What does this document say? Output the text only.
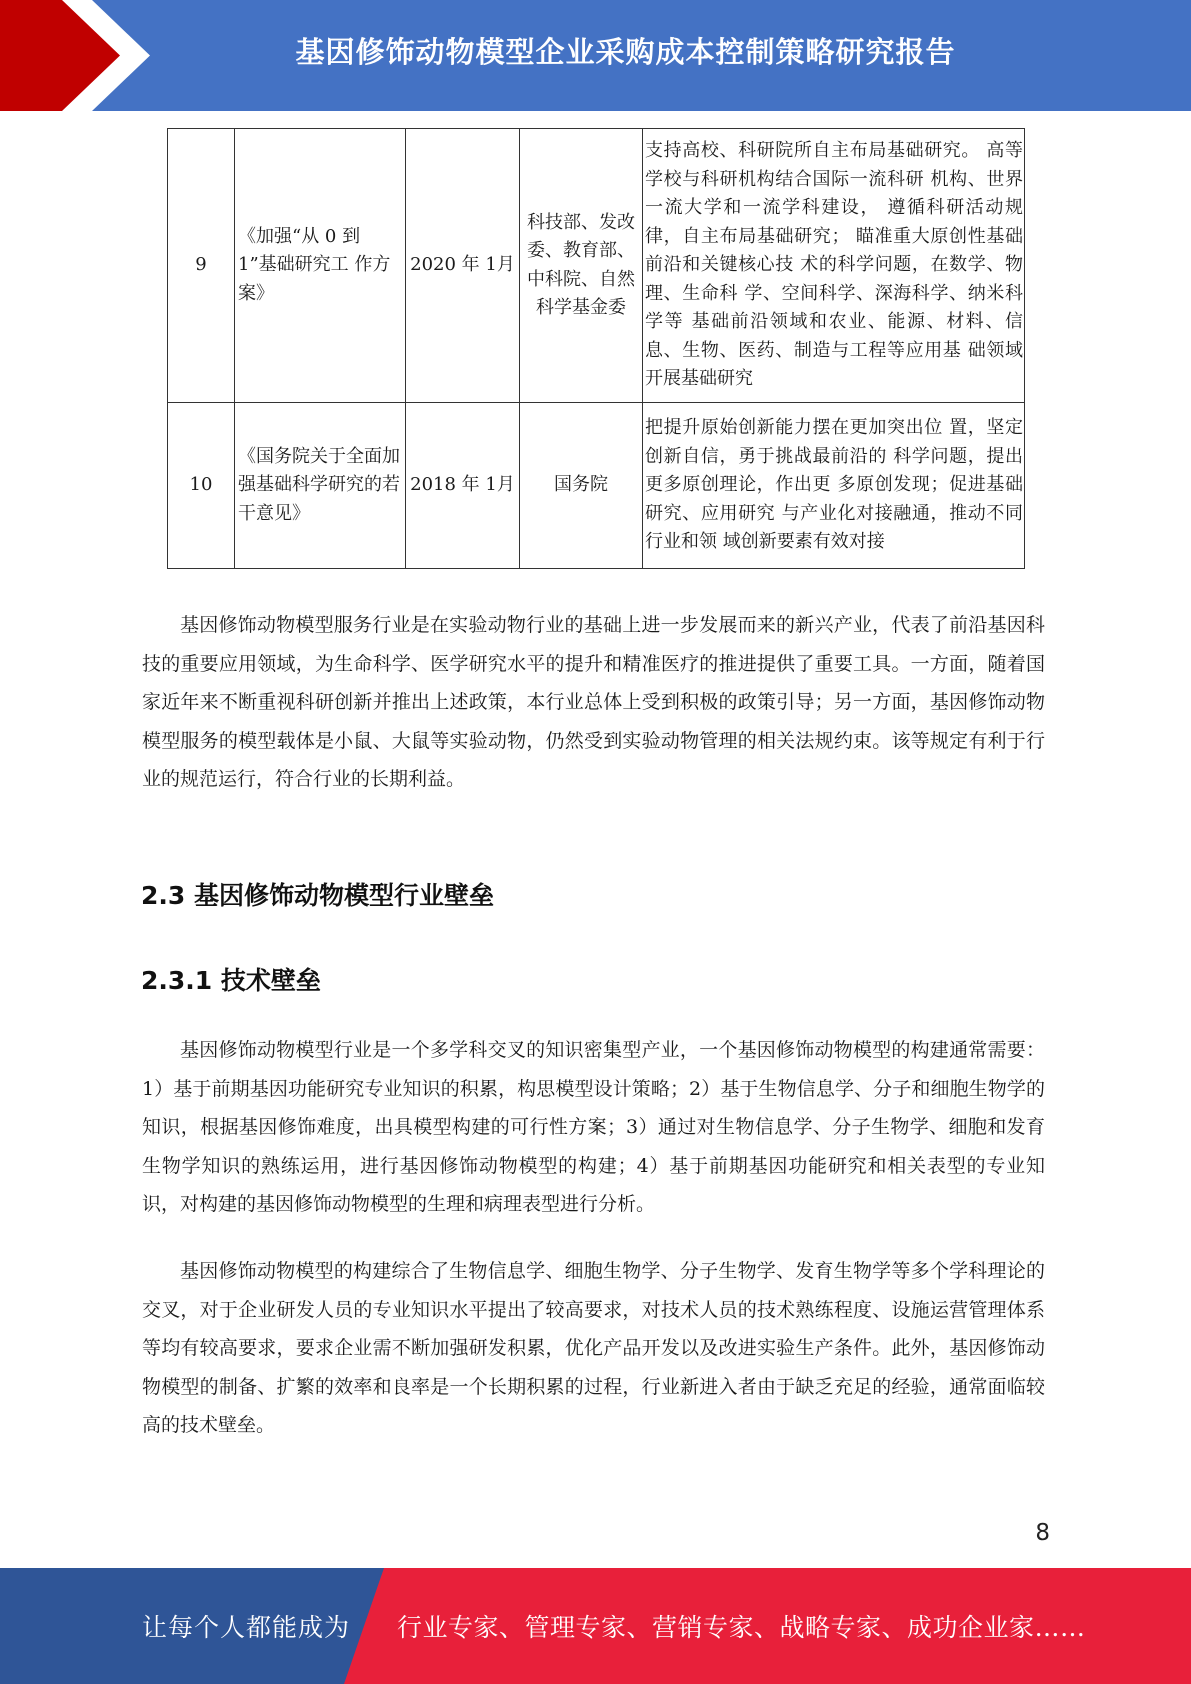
基因修饰动物模型企业采购成本控制策略研究报告
9	《加强“从 0 到 1”基础研究工 作方案》	2020 年 1月	科技部、发改委、教育部、中科院、自然科学基金委	支持高校、科研院所自主布局基础研究。 高等学校与科研机构结合国际一流科研 机构、世界一流大学和一流学科建设， 遵循科研活动规律，自主布局基础研究； 瞄准重大原创性基础前沿和关键核心技 术的科学问题，在数学、物理、生命科 学、空间科学、深海科学、纳米科学等 基础前沿领域和农业、能源、材料、信 息、生物、医药、制造与工程等应用基 础领域开展基础研究
10	《国务院关于全面加强基础科学研究的若干意见》	2018 年 1月	国务院	把提升原始创新能力摆在更加突出位 置，坚定创新自信，勇于挑战最前沿的 科学问题，提出更多原创理论，作出更 多原创发现；促进基础研究、应用研究 与产业化对接融通，推动不同行业和领 域创新要素有效对接

基因修饰动物模型服务行业是在实验动物行业的基础上进一步发展而来的新兴产业，代表了前沿基因科技的重要应用领域，为生命科学、医学研究水平的提升和精准医疗的推进提供了重要工具。一方面，随着国家近年来不断重视科研创新并推出上述政策，本行业总体上受到积极的政策引导；另一方面，基因修饰动物模型服务的模型载体是小鼠、大鼠等实验动物，仍然受到实验动物管理的相关法规约束。该等规定有利于行业的规范运行，符合行业的长期利益。

2.3 基因修饰动物模型行业壁垒
2.3.1 技术壁垒

基因修饰动物模型行业是一个多学科交叉的知识密集型产业，一个基因修饰动物模型的构建通常需要：1）基于前期基因功能研究专业知识的积累，构思模型设计策略；2）基于生物信息学、分子和细胞生物学的知识，根据基因修饰难度，出具模型构建的可行性方案；3）通过对生物信息学、分子生物学、细胞和发育生物学知识的熟练运用，进行基因修饰动物模型的构建；4）基于前期基因功能研究和相关表型的专业知识，对构建的基因修饰动物模型的生理和病理表型进行分析。

基因修饰动物模型的构建综合了生物信息学、细胞生物学、分子生物学、发育生物学等多个学科理论的交叉，对于企业研发人员的专业知识水平提出了较高要求，对技术人员的技术熟练程度、设施运营管理体系等均有较高要求，要求企业需不断加强研发积累，优化产品开发以及改进实验生产条件。此外，基因修饰动物模型的制备、扩繁的效率和良率是一个长期积累的过程，行业新进入者由于缺乏充足的经验，通常面临较高的技术壁垒。

8
让每个人都能成为 行业专家、管理专家、营销专家、战略专家、成功企业家……
